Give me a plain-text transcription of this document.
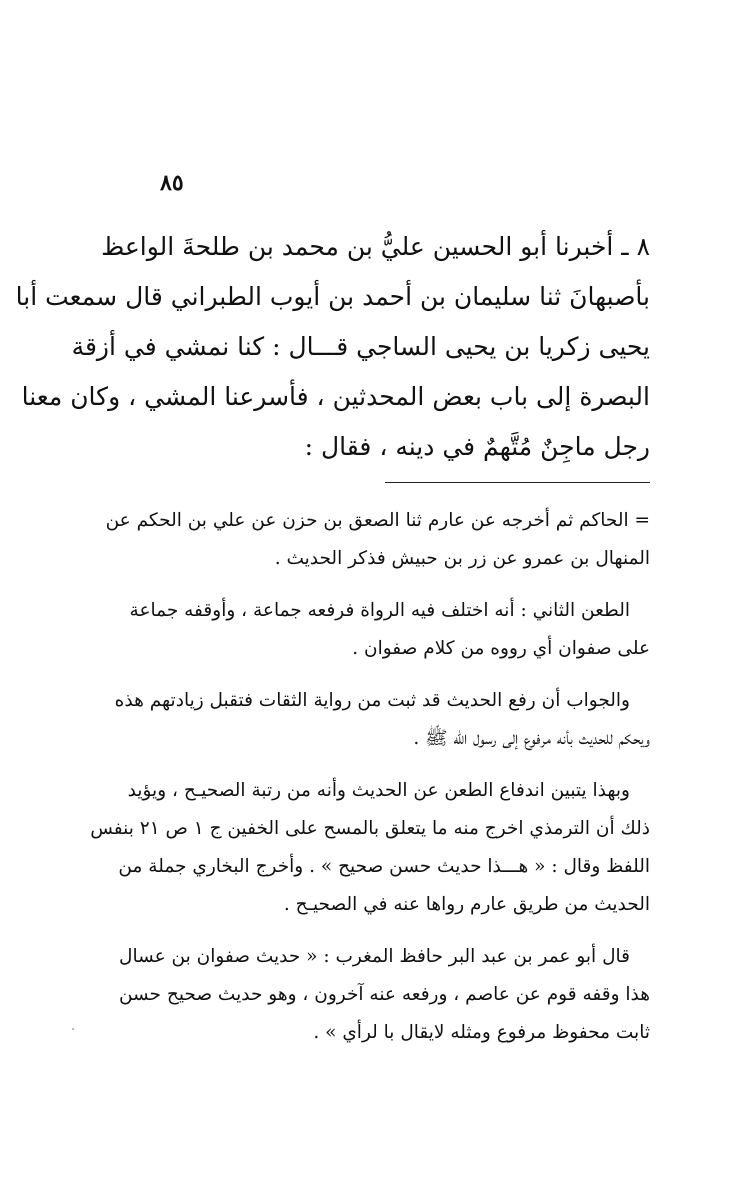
٨٥
٨ ـ أخبرنا أبو الحسين عليُّ بن محمد بن طلحةَ الواعظ
بأصبهانَ ثنا سليمان بن أحمد بن أيوب الطبراني قال سمعت أبا
يحيى زكريا بن يحيى الساجي قـــال : كنا نمشي في أزقة
البصرة إلى باب بعض المحدثين ، فأسرعنا المشي ، وكان معنا
رجل ماجِنٌ مُتَّهمٌ في دينه ، فقال :
= الحاكم ثم أخرجه عن عارم ثنا الصعق بن حزن عن علي بن الحكم عن
المنهال بن عمرو عن زر بن حبيش فذكر الحديث .
الطعن الثاني : أنه اختلف فيه الرواة فرفعه جماعة ، وأوقفه جماعة
على صفوان أي رووه من كلام صفوان .
والجواب أن رفع الحديث قد ثبت من رواية الثقات فتقبل زيادتهم هذه
ويحكم للحديث بأنه مرفوع إلى رسول الله ﷺ .
وبهذا يتبين اندفاع الطعن عن الحديث وأنه من رتبة الصحيـح ، ويؤيد
ذلك أن الترمذي اخرج منه ما يتعلق بالمسح على الخفين ج ١ ص ٢١ بنفس
اللفظ وقال : « هـــذا حديث حسن صحيح » . وأخرج البخاري جملة من
الحديث من طريق عارم رواها عنه في الصحيـح .
قال أبو عمر بن عبد البر حافظ المغرب : « حديث صفوان بن عسال
هذا وقفه قوم عن عاصم ، ورفعه عنه آخرون ، وهو حديث صحيح حسن
ثابت محفوظ مرفوع ومثله لايقال با لرأي » .
